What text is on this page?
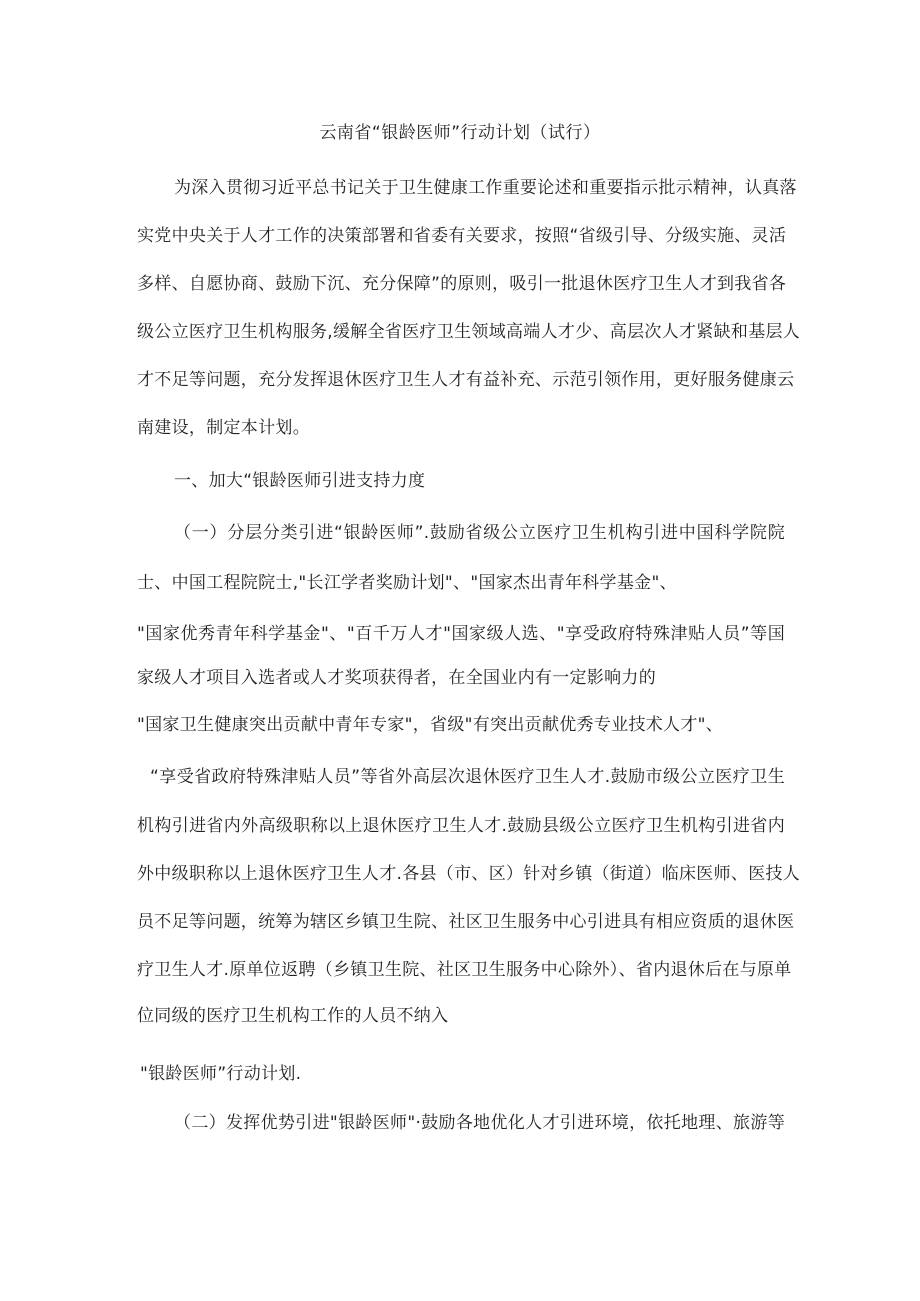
云南省“银龄医师”行动计划（试行）
为深入贯彻习近平总书记关于卫生健康工作重要论述和重要指示批示精神，认真落
实党中央关于人才工作的决策部署和省委有关要求，按照“省级引导、分级实施、灵活
多样、自愿协商、鼓励下沉、充分保障”的原则，吸引一批退休医疗卫生人才到我省各
级公立医疗卫生机构服务,缓解全省医疗卫生领域高端人才少、高层次人才紧缺和基层人
才不足等问题，充分发挥退休医疗卫生人才有益补充、示范引领作用，更好服务健康云
南建设，制定本计划。
一、加大“银龄医师引进支持力度
（一）分层分类引进“银龄医师”.鼓励省级公立医疗卫生机构引进中国科学院院
士、中国工程院院士,"长江学者奖励计划"、"国家杰出青年科学基金"、
"国家优秀青年科学基金"、"百千万人才"国家级人选、"享受政府特殊津贴人员”等国
家级人才项目入选者或人才奖项获得者，在全国业内有一定影响力的
"国家卫生健康突出贡献中青年专家"，省级"有突出贡献优秀专业技术人才"、
“享受省政府特殊津贴人员”等省外高层次退休医疗卫生人才.鼓励市级公立医疗卫生
机构引进省内外高级职称以上退休医疗卫生人才.鼓励县级公立医疗卫生机构引进省内
外中级职称以上退休医疗卫生人才.各县（市、区）针对乡镇（街道）临床医师、医技人
员不足等问题，统筹为辖区乡镇卫生院、社区卫生服务中心引进具有相应资质的退休医
疗卫生人才.原单位返聘（乡镇卫生院、社区卫生服务中心除外）、省内退休后在与原单
位同级的医疗卫生机构工作的人员不纳入
"银龄医师”行动计划.
（二）发挥优势引进"银龄医师"·鼓励各地优化人才引进环境，依托地理、旅游等
